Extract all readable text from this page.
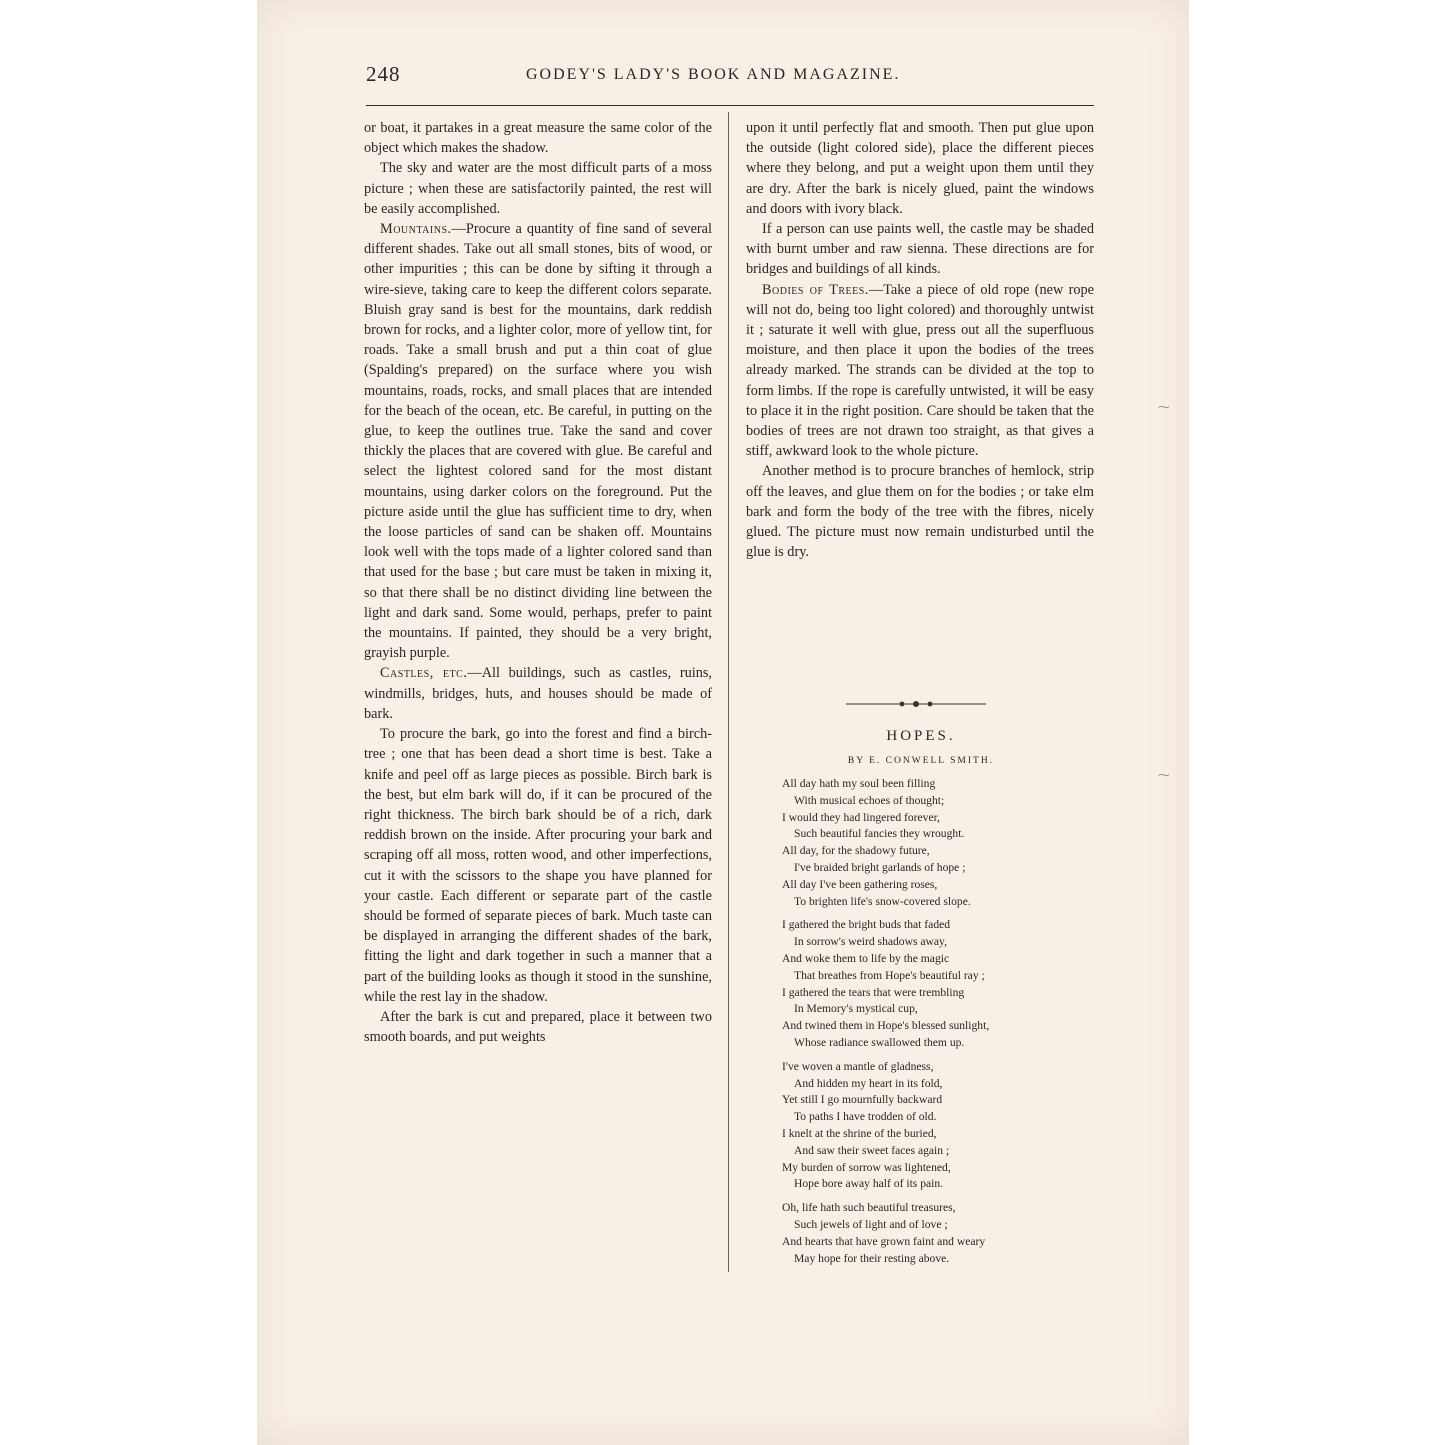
248	GODEY'S LADY'S BOOK AND MAGAZINE.

or boat, it partakes in a great measure the same color of the object which makes the shadow.

The sky and water are the most difficult parts of a moss picture ; when these are satisfactorily painted, the rest will be easily accomplished.

Mountains.—Procure a quantity of fine sand of several different shades. Take out all small stones, bits of wood, or other impurities ; this can be done by sifting it through a wire-sieve, taking care to keep the different colors separate. Bluish gray sand is best for the mountains, dark reddish brown for rocks, and a lighter color, more of yellow tint, for roads. Take a small brush and put a thin coat of glue (Spalding's prepared) on the surface where you wish mountains, roads, rocks, and small places that are intended for the beach of the ocean, etc. Be careful, in putting on the glue, to keep the outlines true. Take the sand and cover thickly the places that are covered with glue. Be careful and select the lightest colored sand for the most distant mountains, using darker colors on the foreground. Put the picture aside until the glue has sufficient time to dry, when the loose particles of sand can be shaken off. Mountains look well with the tops made of a lighter colored sand than that used for the base ; but care must be taken in mixing it, so that there shall be no distinct dividing line between the light and dark sand. Some would, perhaps, prefer to paint the mountains. If painted, they should be a very bright, grayish purple.

Castles, etc.—All buildings, such as castles, ruins, windmills, bridges, huts, and houses should be made of bark.

To procure the bark, go into the forest and find a birch-tree ; one that has been dead a short time is best. Take a knife and peel off as large pieces as possible. Birch bark is the best, but elm bark will do, if it can be procured of the right thickness. The birch bark should be of a rich, dark reddish brown on the inside. After procuring your bark and scraping off all moss, rotten wood, and other imperfections, cut it with the scissors to the shape you have planned for your castle. Each different or separate part of the castle should be formed of separate pieces of bark. Much taste can be displayed in arranging the different shades of the bark, fitting the light and dark together in such a manner that a part of the building looks as though it stood in the sunshine, while the rest lay in the shadow.

After the bark is cut and prepared, place it between two smooth boards, and put weights

upon it until perfectly flat and smooth. Then put glue upon the outside (light colored side), place the different pieces where they belong, and put a weight upon them until they are dry. After the bark is nicely glued, paint the windows and doors with ivory black.

If a person can use paints well, the castle may be shaded with burnt umber and raw sienna. These directions are for bridges and buildings of all kinds.

Bodies of Trees.—Take a piece of old rope (new rope will not do, being too light colored) and thoroughly untwist it ; saturate it well with glue, press out all the superfluous moisture, and then place it upon the bodies of the trees already marked. The strands can be divided at the top to form limbs. If the rope is carefully untwisted, it will be easy to place it in the right position. Care should be taken that the bodies of trees are not drawn too straight, as that gives a stiff, awkward look to the whole picture.

Another method is to procure branches of hemlock, strip off the leaves, and glue them on for the bodies ; or take elm bark and form the body of the tree with the fibres, nicely glued. The picture must now remain undisturbed until the glue is dry.

HOPES.
BY E. CONWELL SMITH.
All day hath my soul been filling
With musical echoes of thought;
I would they had lingered forever,
Such beautiful fancies they wrought.
All day, for the shadowy future,
I've braided bright garlands of hope ;
All day I've been gathering roses,
To brighten life's snow-covered slope.
I gathered the bright buds that faded
In sorrow's weird shadows away,
And woke them to life by the magic
That breathes from Hope's beautiful ray ;
I gathered the tears that were trembling
In Memory's mystical cup,
And twined them in Hope's blessed sunlight,
Whose radiance swallowed them up.
I've woven a mantle of gladness,
And hidden my heart in its fold,
Yet still I go mournfully backward
To paths I have trodden of old.
I knelt at the shrine of the buried,
And saw their sweet faces again ;
My burden of sorrow was lightened,
Hope bore away half of its pain.
Oh, life hath such beautiful treasures,
Such jewels of light and of love ;
And hearts that have grown faint and weary
May hope for their resting above.
⁓
⁓
